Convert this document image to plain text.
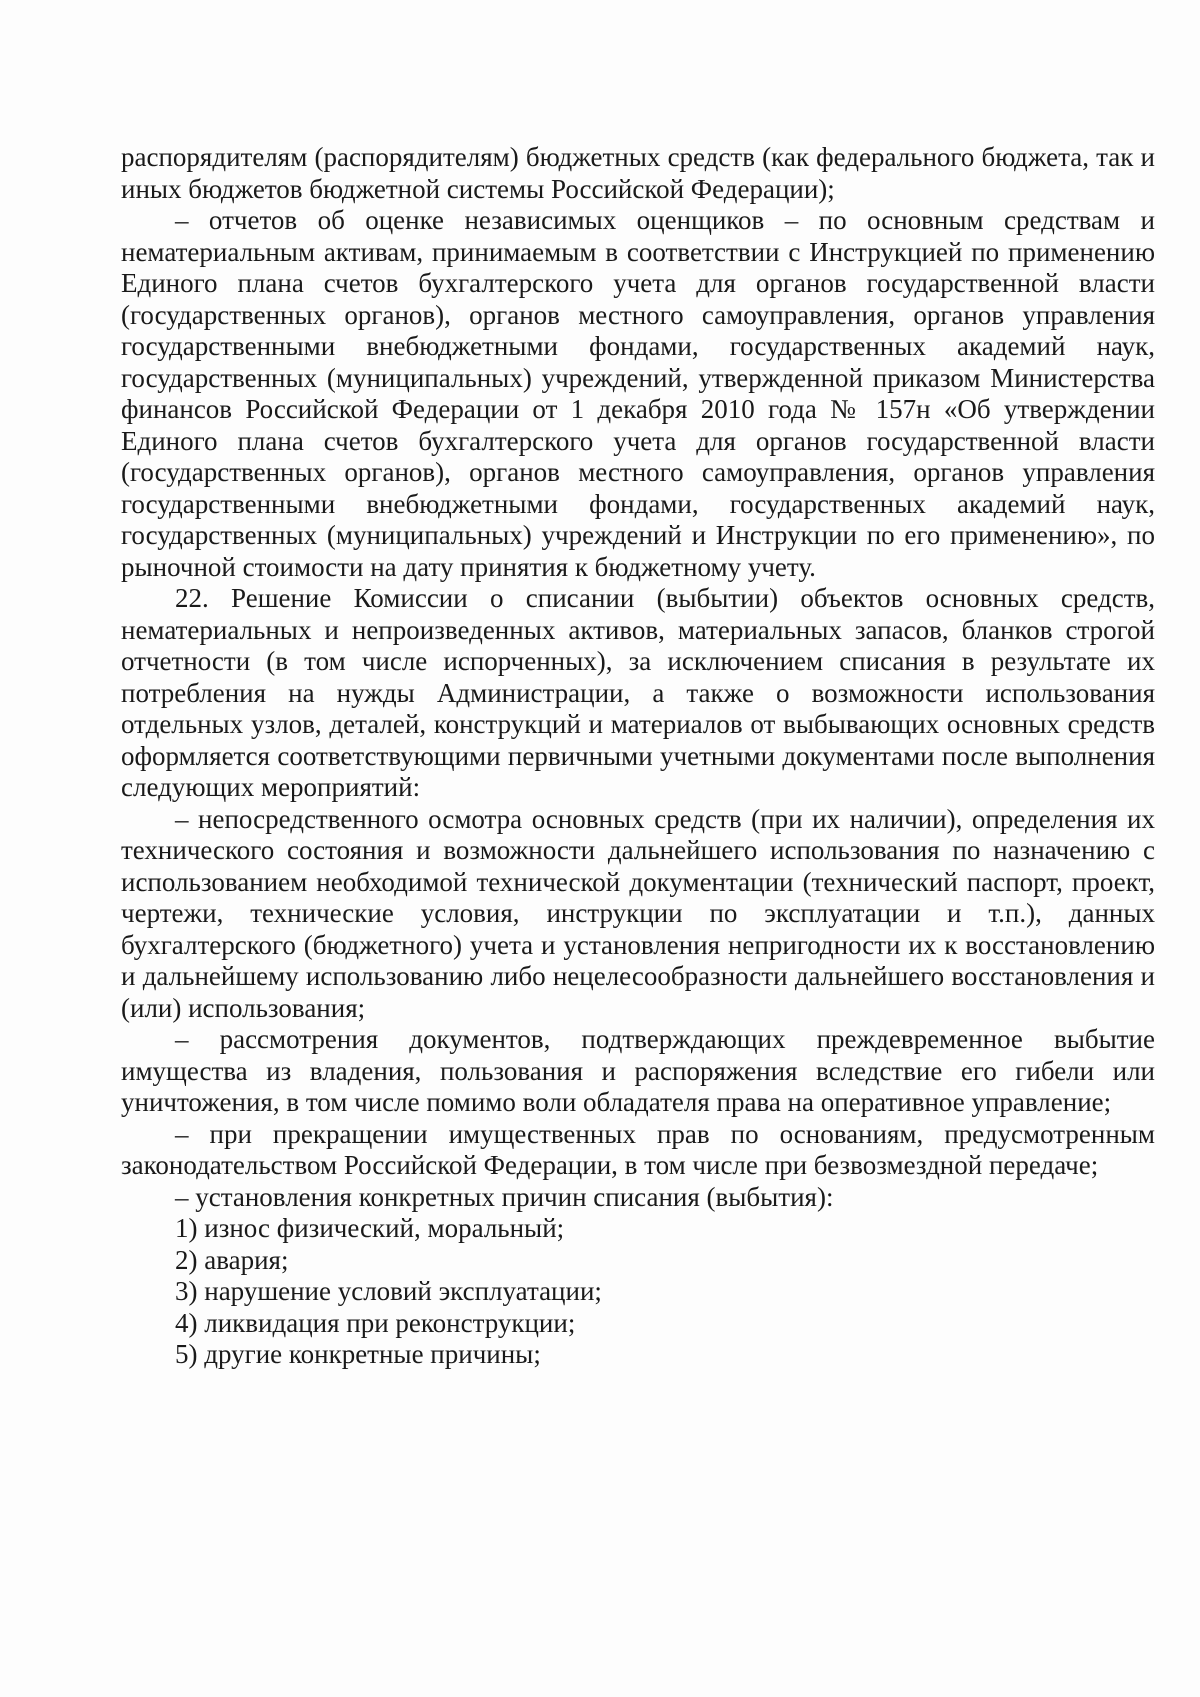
распорядителям (распорядителям) бюджетных средств (как федерального бюджета, так и иных бюджетов бюджетной системы Российской Федерации);

– отчетов об оценке независимых оценщиков – по основным средствам и нематериальным активам, принимаемым в соответствии с Инструкцией по применению Единого плана счетов бухгалтерского учета для органов государственной власти (государственных органов), органов местного самоуправления, органов управления государственными внебюджетными фондами, государственных академий наук, государственных (муниципальных) учреждений, утвержденной приказом Министерства финансов Российской Федерации от 1 декабря 2010 года № 157н «Об утверждении Единого плана счетов бухгалтерского учета для органов государственной власти (государственных органов), органов местного самоуправления, органов управления государственными внебюджетными фондами, государственных академий наук, государственных (муниципальных) учреждений и Инструкции по его применению», по рыночной стоимости на дату принятия к бюджетному учету.

22. Решение Комиссии о списании (выбытии) объектов основных средств, нематериальных и непроизведенных активов, материальных запасов, бланков строгой отчетности (в том числе испорченных), за исключением списания в результате их потребления на нужды Администрации, а также о возможности использования отдельных узлов, деталей, конструкций и материалов от выбывающих основных средств оформляется соответствующими первичными учетными документами после выполнения следующих мероприятий:

– непосредственного осмотра основных средств (при их наличии), определения их технического состояния и возможности дальнейшего использования по назначению с использованием необходимой технической документации (технический паспорт, проект, чертежи, технические условия, инструкции по эксплуатации и т.п.), данных бухгалтерского (бюджетного) учета и установления непригодности их к восстановлению и дальнейшему использованию либо нецелесообразности дальнейшего восстановления и (или) использования;

– рассмотрения документов, подтверждающих преждевременное выбытие имущества из владения, пользования и распоряжения вследствие его гибели или уничтожения, в том числе помимо воли обладателя права на оперативное управление;

– при прекращении имущественных прав по основаниям, предусмотренным законодательством Российской Федерации, в том числе при безвозмездной передаче;

– установления конкретных причин списания (выбытия):

1) износ физический, моральный;
2) авария;
3) нарушение условий эксплуатации;
4) ликвидация при реконструкции;
5) другие конкретные причины;
